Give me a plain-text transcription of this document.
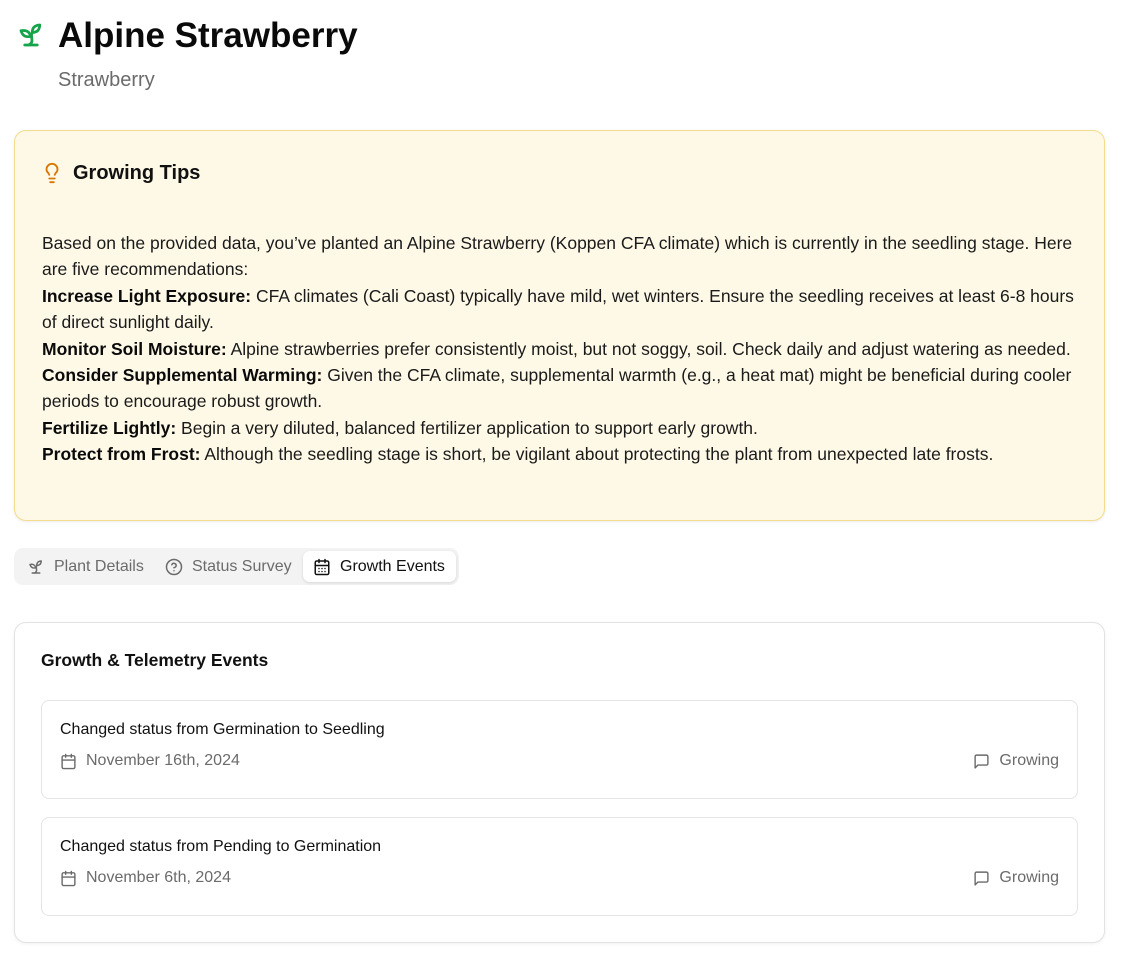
Alpine Strawberry
Strawberry
Growing Tips
Based on the provided data, you’ve planted an Alpine Strawberry (Koppen CFA climate) which is currently in the seedling stage. Here are five recommendations:
Increase Light Exposure: CFA climates (Cali Coast) typically have mild, wet winters. Ensure the seedling receives at least 6-8 hours of direct sunlight daily.
Monitor Soil Moisture: Alpine strawberries prefer consistently moist, but not soggy, soil. Check daily and adjust watering as needed.
Consider Supplemental Warming: Given the CFA climate, supplemental warmth (e.g., a heat mat) might be beneficial during cooler periods to encourage robust growth.
Fertilize Lightly: Begin a very diluted, balanced fertilizer application to support early growth.
Protect from Frost: Although the seedling stage is short, be vigilant about protecting the plant from unexpected late frosts.
Plant Details	Status Survey	Growth Events
Growth & Telemetry Events
Changed status from Germination to Seedling
November 16th, 2024	Growing
Changed status from Pending to Germination
November 6th, 2024	Growing
